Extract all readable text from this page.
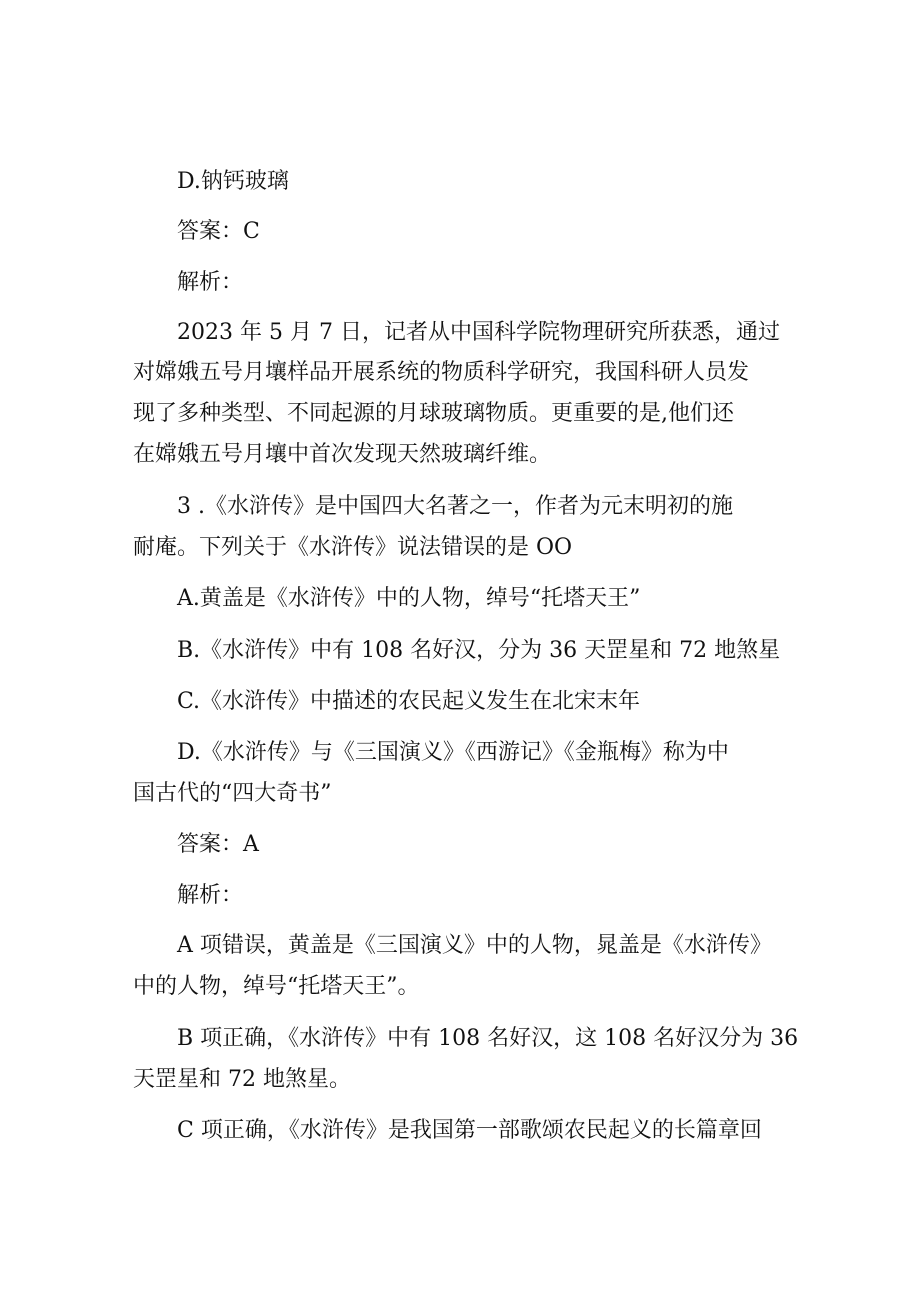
D.钠钙玻璃
答案：C
解析：
2023 年 5 月 7 日，记者从中国科学院物理研究所获悉，通过
对嫦娥五号月壤样品开展系统的物质科学研究，我国科研人员发
现了多种类型、不同起源的月球玻璃物质。更重要的是,他们还
在嫦娥五号月壤中首次发现天然玻璃纤维。
3 .《水浒传》是中国四大名著之一，作者为元末明初的施
耐庵。下列关于《水浒传》说法错误的是 OO
A.黄盖是《水浒传》中的人物，绰号“托塔天王”
B.《水浒传》中有 108 名好汉，分为 36 天罡星和 72 地煞星
C.《水浒传》中描述的农民起义发生在北宋末年
D.《水浒传》与《三国演义》《西游记》《金瓶梅》称为中
国古代的“四大奇书”
答案：A
解析：
A 项错误，黄盖是《三国演义》中的人物，晁盖是《水浒传》
中的人物，绰号“托塔天王”。
B 项正确，《水浒传》中有 108 名好汉，这 108 名好汉分为 36
天罡星和 72 地煞星。
C 项正确，《水浒传》是我国第一部歌颂农民起义的长篇章回
